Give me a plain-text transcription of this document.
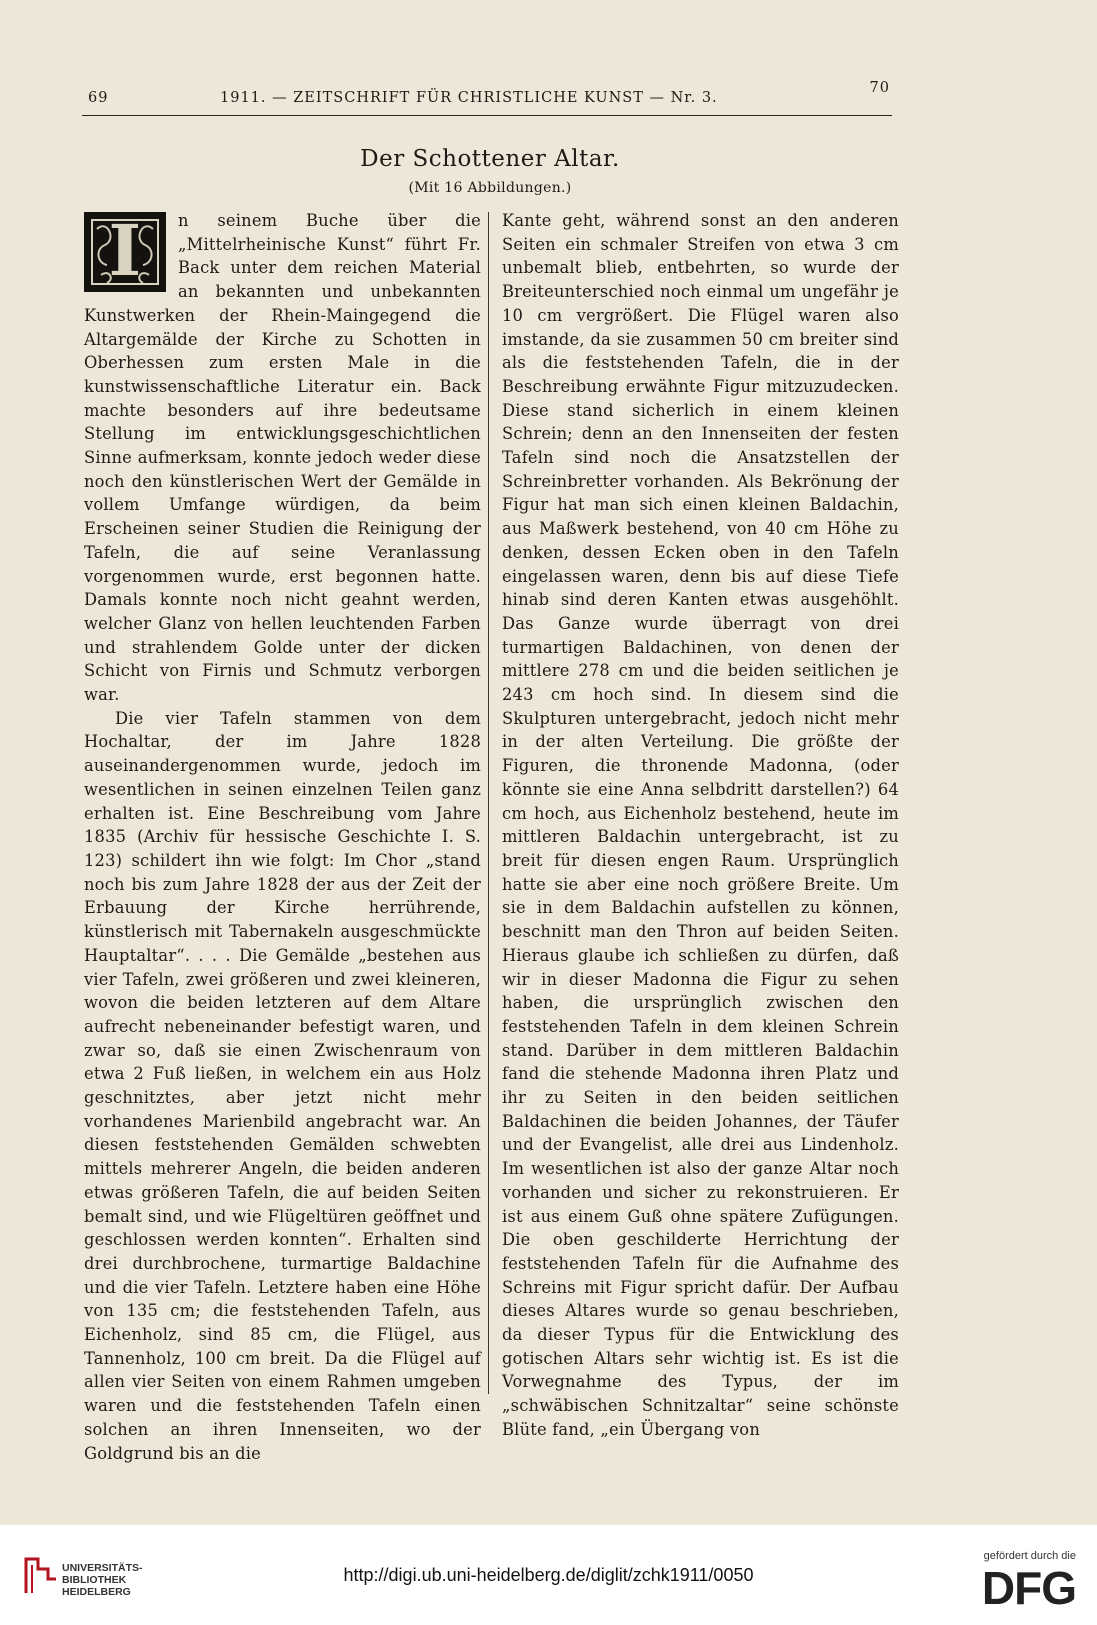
69	1911. — ZEITSCHRIFT FÜR CHRISTLICHE KUNST — Nr. 3.
70
Der Schottener Altar.
(Mit 16 Abbildungen.)
I	n seinem Buche über die „Mittelrheinische Kunst“ führt Fr. Back unter dem reichen Material an bekannten und unbekannten Kunstwerken der Rhein-Maingegend die Altargemälde der Kirche zu Schotten in Oberhessen zum ersten Male in die kunstwissenschaftliche Literatur ein. Back machte besonders auf ihre bedeutsame Stellung im entwicklungsgeschichtlichen Sinne aufmerksam, konnte jedoch weder diese noch den künstlerischen Wert der Gemälde in vollem Umfange würdigen, da beim Erscheinen seiner Studien die Reinigung der Tafeln, die auf seine Veranlassung vorgenommen wurde, erst begonnen hatte. Damals konnte noch nicht geahnt werden, welcher Glanz von hellen leuchtenden Farben und strahlendem Golde unter der dicken Schicht von Firnis und Schmutz verborgen war.

Die vier Tafeln stammen von dem Hochaltar, der im Jahre 1828 auseinandergenommen wurde, jedoch im wesentlichen in seinen einzelnen Teilen ganz erhalten ist. Eine Beschreibung vom Jahre 1835 (Archiv für hessische Geschichte I. S. 123) schildert ihn wie folgt: Im Chor „stand noch bis zum Jahre 1828 der aus der Zeit der Erbauung der Kirche herrührende, künstlerisch mit Tabernakeln ausgeschmückte Hauptaltar“. . . . Die Gemälde „bestehen aus vier Tafeln, zwei größeren und zwei kleineren, wovon die beiden letzteren auf dem Altare aufrecht nebeneinander befestigt waren, und zwar so, daß sie einen Zwischenraum von etwa 2 Fuß ließen, in welchem ein aus Holz geschnitztes, aber jetzt nicht mehr vorhandenes Marienbild angebracht war. An diesen feststehenden Gemälden schwebten mittels mehrerer Angeln, die beiden anderen etwas größeren Tafeln, die auf beiden Seiten bemalt sind, und wie Flügeltüren geöffnet und geschlossen werden konnten“. Erhalten sind drei durchbrochene, turmartige Baldachine und die vier Tafeln. Letztere haben eine Höhe von 135 cm; die feststehenden Tafeln, aus Eichenholz, sind 85 cm, die Flügel, aus Tannenholz, 100 cm breit. Da die Flügel auf allen vier Seiten von einem Rahmen umgeben waren und die feststehenden Tafeln einen solchen an ihren Innenseiten, wo der Goldgrund bis an die

Kante geht, während sonst an den anderen Seiten ein schmaler Streifen von etwa 3 cm unbemalt blieb, entbehrten, so wurde der Breiteunterschied noch einmal um ungefähr je 10 cm vergrößert. Die Flügel waren also imstande, da sie zusammen 50 cm breiter sind als die feststehenden Tafeln, die in der Beschreibung erwähnte Figur mitzuzudecken. Diese stand sicherlich in einem kleinen Schrein; denn an den Innenseiten der festen Tafeln sind noch die Ansatzstellen der Schreinbretter vorhanden. Als Bekrönung der Figur hat man sich einen kleinen Baldachin, aus Maßwerk bestehend, von 40 cm Höhe zu denken, dessen Ecken oben in den Tafeln eingelassen waren, denn bis auf diese Tiefe hinab sind deren Kanten etwas ausgehöhlt. Das Ganze wurde überragt von drei turmartigen Baldachinen, von denen der mittlere 278 cm und die beiden seitlichen je 243 cm hoch sind. In diesem sind die Skulpturen untergebracht, jedoch nicht mehr in der alten Verteilung. Die größte der Figuren, die thronende Madonna, (oder könnte sie eine Anna selbdritt darstellen?) 64 cm hoch, aus Eichenholz bestehend, heute im mittleren Baldachin untergebracht, ist zu breit für diesen engen Raum. Ursprünglich hatte sie aber eine noch größere Breite. Um sie in dem Baldachin aufstellen zu können, beschnitt man den Thron auf beiden Seiten. Hieraus glaube ich schließen zu dürfen, daß wir in dieser Madonna die Figur zu sehen haben, die ursprünglich zwischen den feststehenden Tafeln in dem kleinen Schrein stand. Darüber in dem mittleren Baldachin fand die stehende Madonna ihren Platz und ihr zu Seiten in den beiden seitlichen Baldachinen die beiden Johannes, der Täufer und der Evangelist, alle drei aus Lindenholz. Im wesentlichen ist also der ganze Altar noch vorhanden und sicher zu rekonstruieren. Er ist aus einem Guß ohne spätere Zufügungen. Die oben geschilderte Herrichtung der feststehenden Tafeln für die Aufnahme des Schreins mit Figur spricht dafür. Der Aufbau dieses Altares wurde so genau beschrieben, da dieser Typus für die Entwicklung des gotischen Altars sehr wichtig ist. Es ist die Vorwegnahme des Typus, der im „schwäbischen Schnitzaltar“ seine schönste Blüte fand, „ein Übergang von

UNIVERSITÄTS-
BIBLIOTHEK
HEIDELBERG
http://digi.ub.uni-heidelberg.de/diglit/zchk1911/0050
gefördert durch die
DFG
